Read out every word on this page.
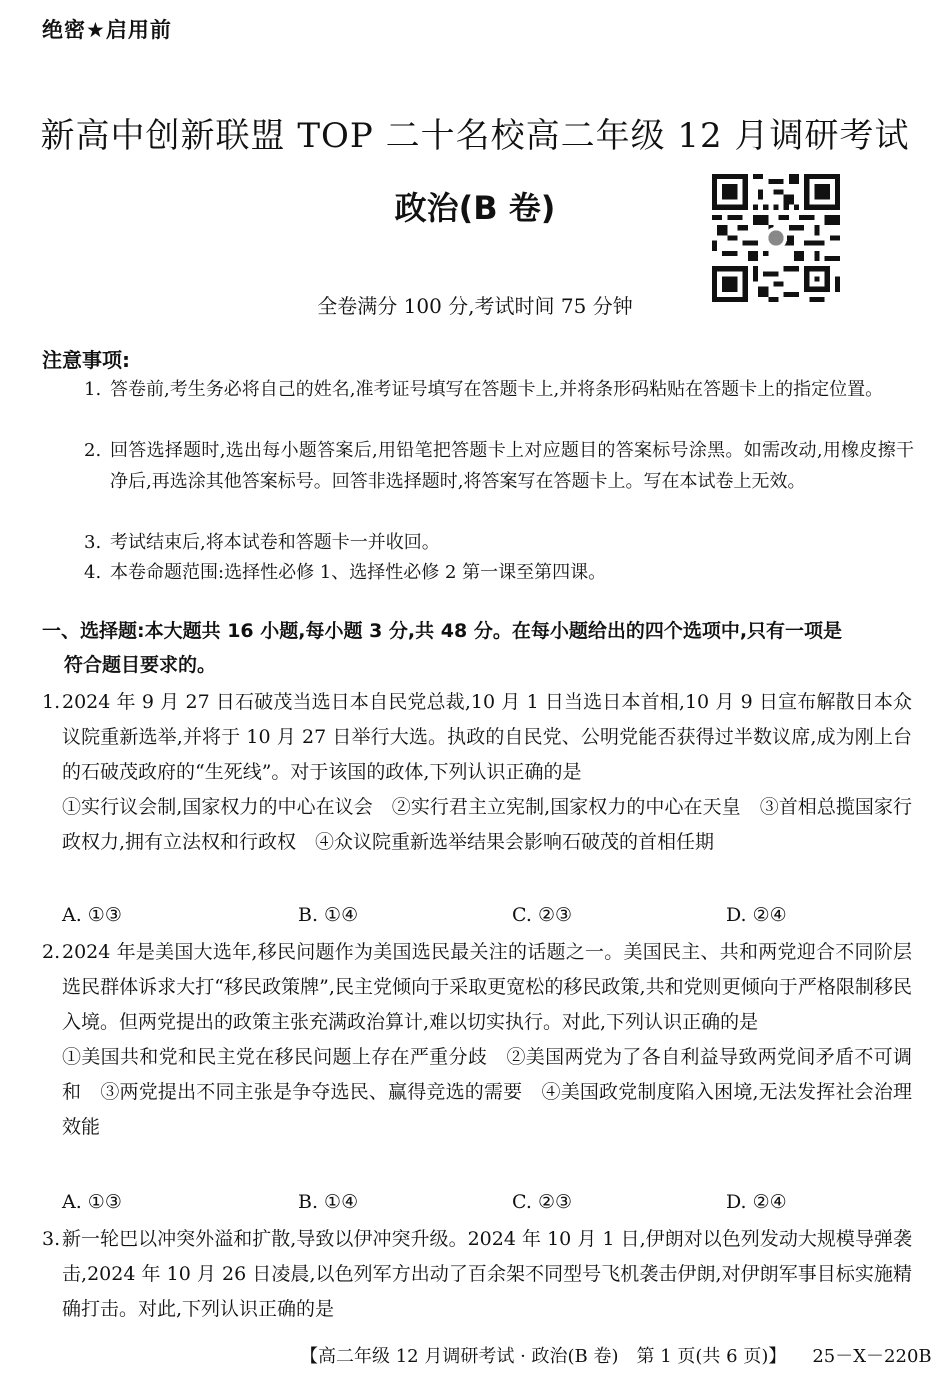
绝密★启用前
新高中创新联盟 TOP 二十名校高二年级 12 月调研考试
政治(B 卷)
全卷满分 100 分,考试时间 75 分钟
注意事项:
1. 答卷前,考生务必将自己的姓名,准考证号填写在答题卡上,并将条形码粘贴在答题卡上的指定位置。
2. 回答选择题时,选出每小题答案后,用铅笔把答题卡上对应题目的答案标号涂黑。如需改动,用橡皮擦干净后,再选涂其他答案标号。回答非选择题时,将答案写在答题卡上。写在本试卷上无效。
3. 考试结束后,将本试卷和答题卡一并收回。
4. 本卷命题范围:选择性必修 1、选择性必修 2 第一课至第四课。
一、选择题:本大题共 16 小题,每小题 3 分,共 48 分。在每小题给出的四个选项中,只有一项是
符合题目要求的。
1. 2024 年 9 月 27 日石破茂当选日本自民党总裁,10 月 1 日当选日本首相,10 月 9 日宣布解散日本众议院重新选举,并将于 10 月 27 日举行大选。执政的自民党、公明党能否获得过半数议席,成为刚上台的石破茂政府的“生死线”。对于该国的政体,下列认识正确的是
①实行议会制,国家权力的中心在议会　②实行君主立宪制,国家权力的中心在天皇　③首相总揽国家行政权力,拥有立法权和行政权　④众议院重新选举结果会影响石破茂的首相任期
A. ①③	B. ①④	C. ②③	D. ②④
2. 2024 年是美国大选年,移民问题作为美国选民最关注的话题之一。美国民主、共和两党迎合不同阶层选民群体诉求大打“移民政策牌”,民主党倾向于采取更宽松的移民政策,共和党则更倾向于严格限制移民入境。但两党提出的政策主张充满政治算计,难以切实执行。对此,下列认识正确的是
①美国共和党和民主党在移民问题上存在严重分歧　②美国两党为了各自利益导致两党间矛盾不可调和　③两党提出不同主张是争夺选民、赢得竞选的需要　④美国政党制度陷入困境,无法发挥社会治理效能
A. ①③	B. ①④	C. ②③	D. ②④
3. 新一轮巴以冲突外溢和扩散,导致以伊冲突升级。2024 年 10 月 1 日,伊朗对以色列发动大规模导弹袭击,2024 年 10 月 26 日凌晨,以色列军方出动了百余架不同型号飞机袭击伊朗,对伊朗军事目标实施精确打击。对此,下列认识正确的是
【高二年级 12 月调研考试 · 政治(B 卷)　第 1 页(共 6 页)】 25－X－220B
